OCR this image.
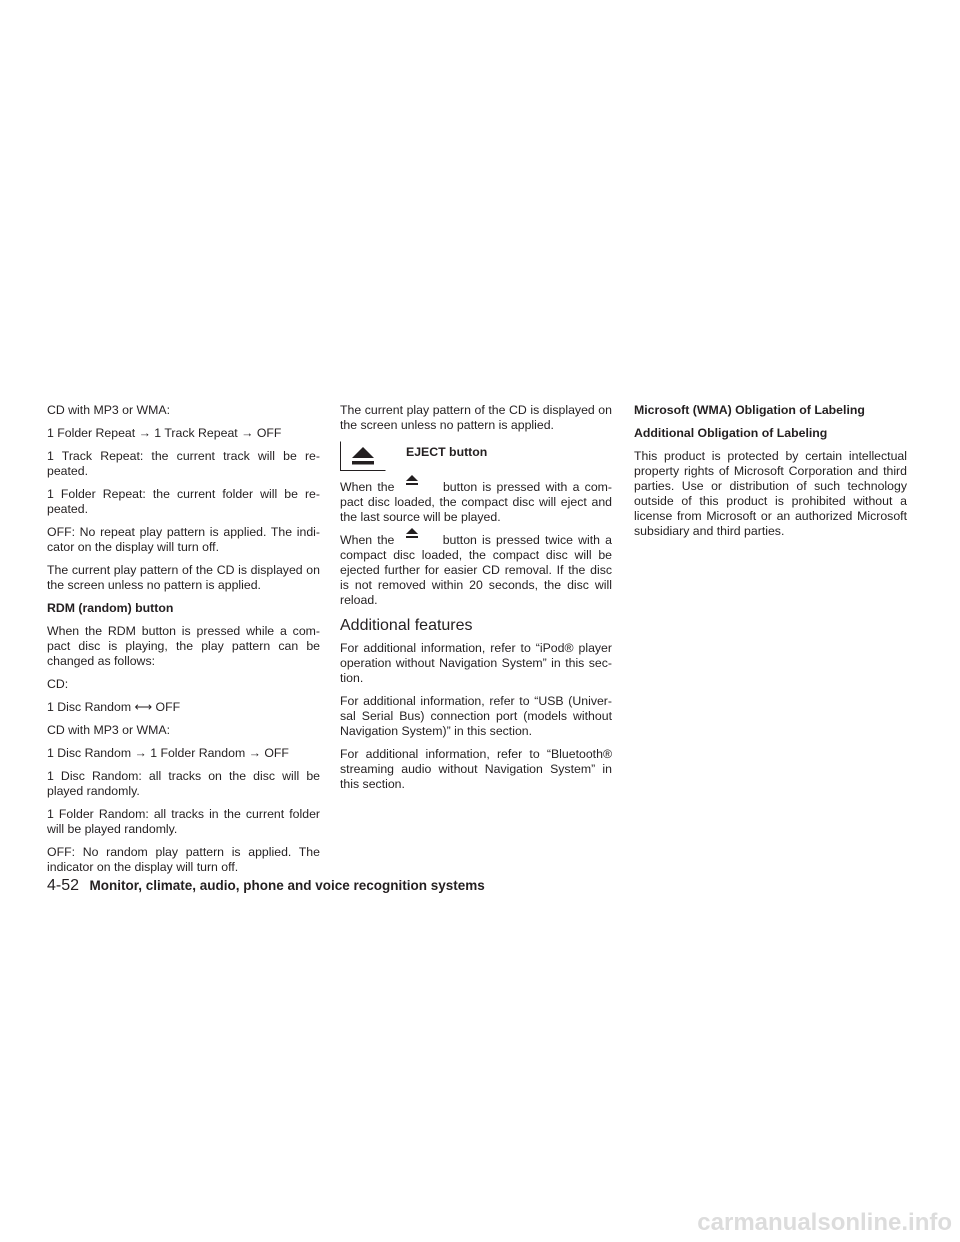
CD with MP3 or WMA:

1 Folder Repeat → 1 Track Repeat → OFF

1 Track Repeat: the current track will be re-peated.

1 Folder Repeat: the current folder will be re-peated.

OFF: No repeat play pattern is applied. The indi-cator on the display will turn off.

The current play pattern of the CD is displayed on the screen unless no pattern is applied.

RDM (random) button

When the RDM button is pressed while a com-pact disc is playing, the play pattern can be changed as follows:

CD:

1 Disc Random ⟷ OFF

CD with MP3 or WMA:

1 Disc Random → 1 Folder Random → OFF

1 Disc Random: all tracks on the disc will be played randomly.

1 Folder Random: all tracks in the current folder will be played randomly.

OFF: No random play pattern is applied. The indicator on the display will turn off.

The current play pattern of the CD is displayed on the screen unless no pattern is applied.

EJECT button

When the	button is pressed with a com-pact disc loaded, the compact disc will eject and the last source will be played.

When the	button is pressed twice with a compact disc loaded, the compact disc will be ejected further for easier CD removal. If the disc is not removed within 20 seconds, the disc will reload.

Additional features

For additional information, refer to “iPod® player operation without Navigation System” in this sec-tion.

For additional information, refer to “USB (Univer-sal Serial Bus) connection port (models without Navigation System)” in this section.

For additional information, refer to “Bluetooth® streaming audio without Navigation System” in this section.

Microsoft (WMA) Obligation of Labeling

Additional Obligation of Labeling

This product is protected by certain intellectual property rights of Microsoft Corporation and third parties. Use or distribution of such technology outside of this product is prohibited without a license from Microsoft or an authorized Microsoft subsidiary and third parties.

4-52 Monitor, climate, audio, phone and voice recognition systems
carmanualsonline.info
